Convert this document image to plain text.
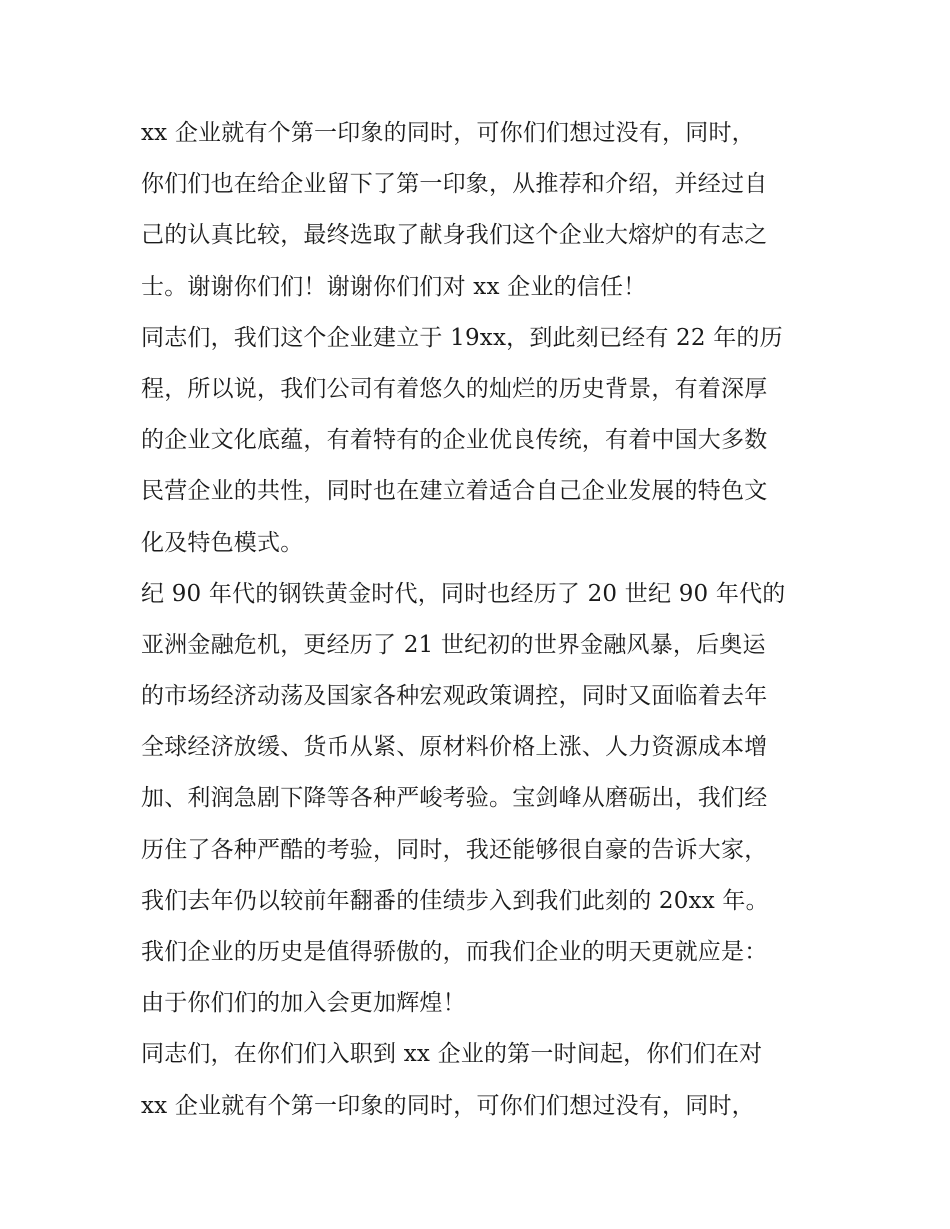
xx 企业就有个第一印象的同时，可你们们想过没有，同时，
你们们也在给企业留下了第一印象，从推荐和介绍，并经过自
己的认真比较，最终选取了献身我们这个企业大熔炉的有志之
士。谢谢你们们！谢谢你们们对 xx 企业的信任！
同志们，我们这个企业建立于 19xx，到此刻已经有 22 年的历
程，所以说，我们公司有着悠久的灿烂的历史背景，有着深厚
的企业文化底蕴，有着特有的企业优良传统，有着中国大多数
民营企业的共性，同时也在建立着适合自己企业发展的特色文
化及特色模式。
纪 90 年代的钢铁黄金时代，同时也经历了 20 世纪 90 年代的
亚洲金融危机，更经历了 21 世纪初的世界金融风暴，后奥运
的市场经济动荡及国家各种宏观政策调控，同时又面临着去年
全球经济放缓、货币从紧、原材料价格上涨、人力资源成本增
加、利润急剧下降等各种严峻考验。宝剑峰从磨砺出，我们经
历住了各种严酷的考验，同时，我还能够很自豪的告诉大家，
我们去年仍以较前年翻番的佳绩步入到我们此刻的 20xx 年。
我们企业的历史是值得骄傲的，而我们企业的明天更就应是：
由于你们们的加入会更加辉煌！
同志们，在你们们入职到 xx 企业的第一时间起，你们们在对
xx 企业就有个第一印象的同时，可你们们想过没有，同时，
